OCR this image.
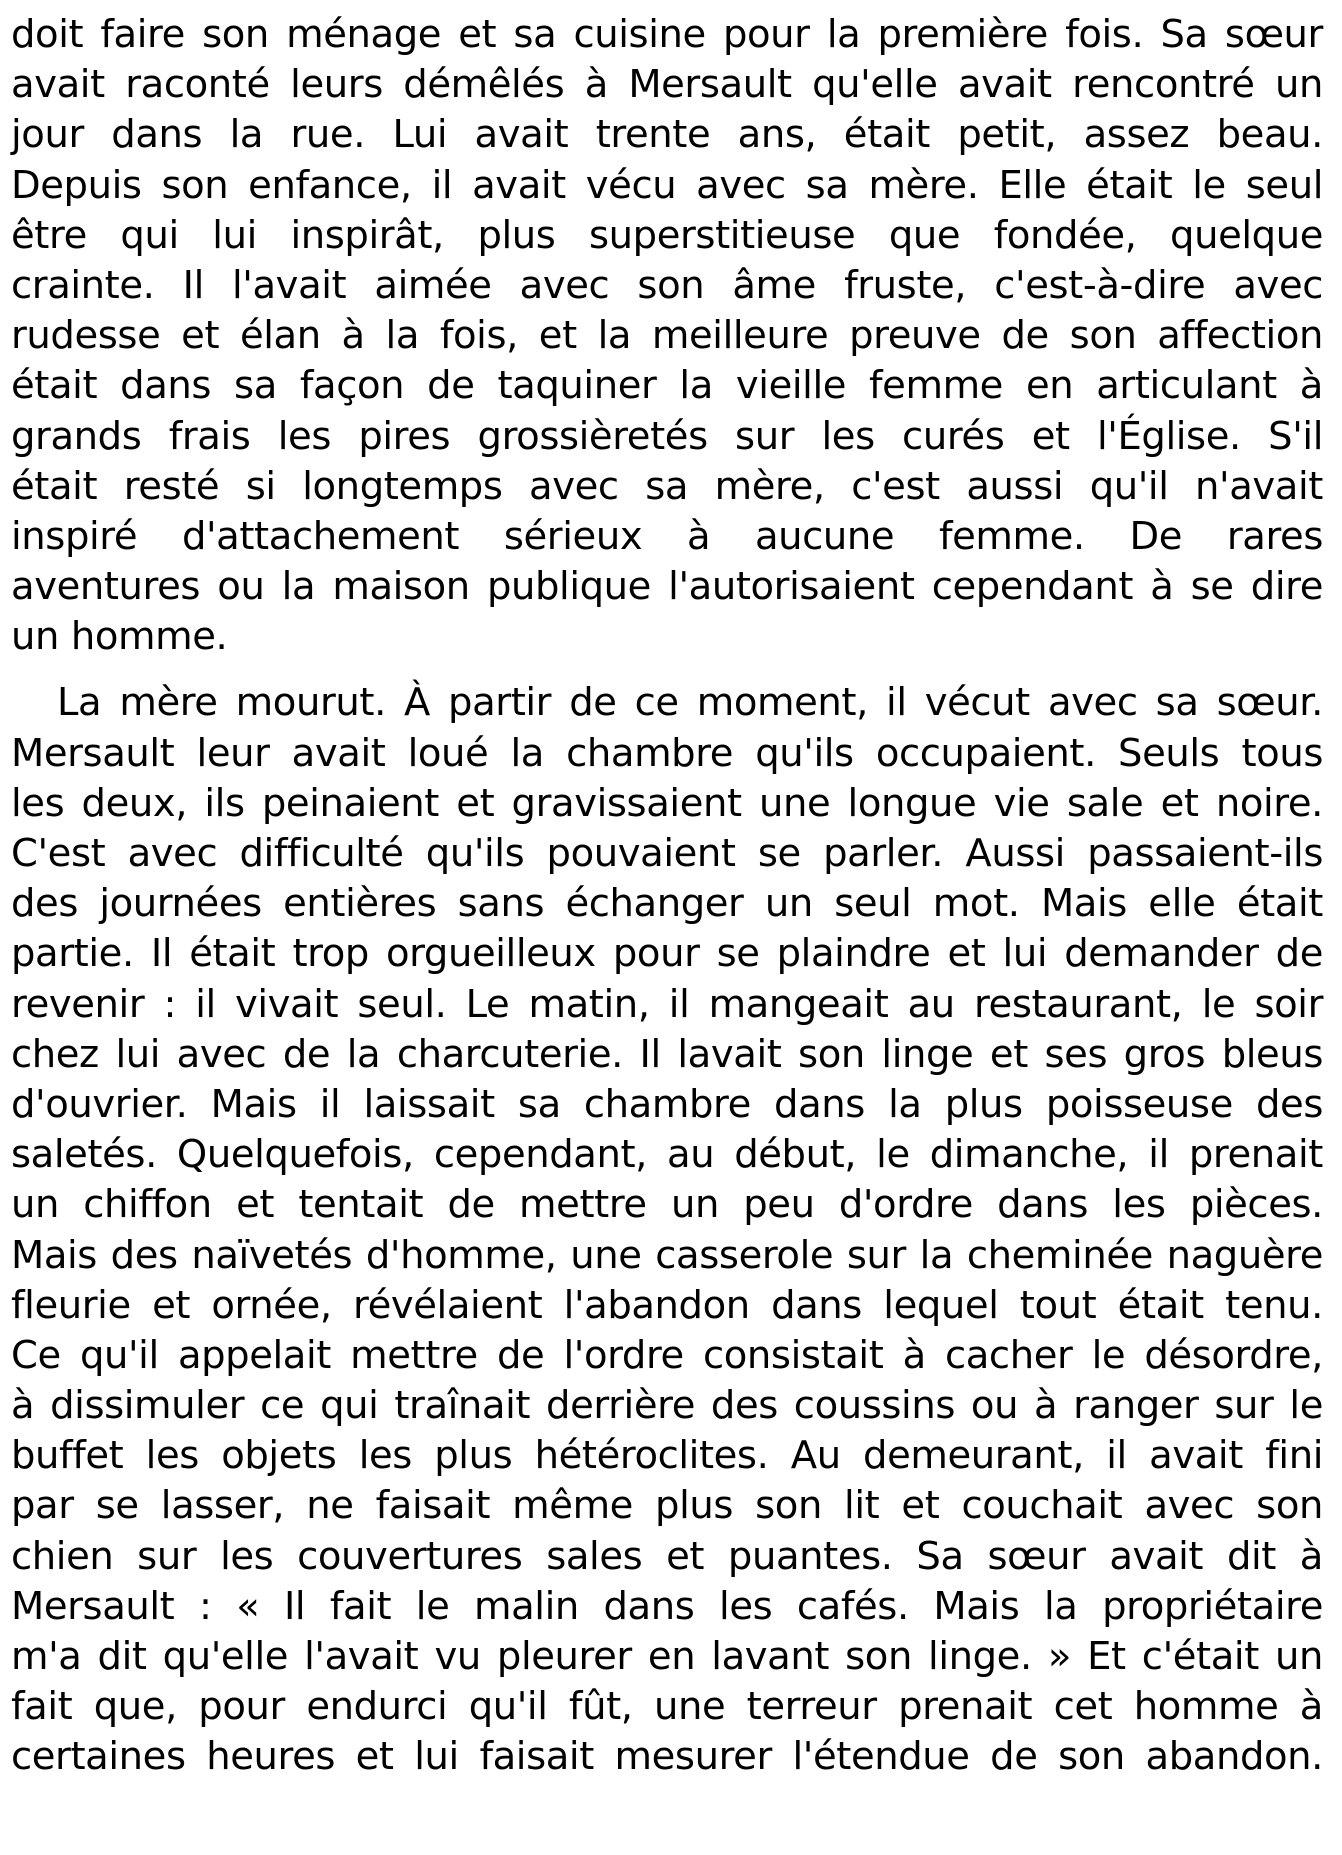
doit faire son ménage et sa cuisine pour la première fois. Sa sœur
avait raconté leurs démêlés à Mersault qu'elle avait rencontré un
jour dans la rue. Lui avait trente ans, était petit, assez beau.
Depuis son enfance, il avait vécu avec sa mère. Elle était le seul
être qui lui inspirât, plus superstitieuse que fondée, quelque
crainte. Il l'avait aimée avec son âme fruste, c'est-à-dire avec
rudesse et élan à la fois, et la meilleure preuve de son affection
était dans sa façon de taquiner la vieille femme en articulant à
grands frais les pires grossièretés sur les curés et l'Église. S'il
était resté si longtemps avec sa mère, c'est aussi qu'il n'avait
inspiré d'attachement sérieux à aucune femme. De rares
aventures ou la maison publique l'autorisaient cependant à se dire
un homme.

La mère mourut. À partir de ce moment, il vécut avec sa sœur.
Mersault leur avait loué la chambre qu'ils occupaient. Seuls tous
les deux, ils peinaient et gravissaient une longue vie sale et noire.
C'est avec difficulté qu'ils pouvaient se parler. Aussi passaient-ils
des journées entières sans échanger un seul mot. Mais elle était
partie. Il était trop orgueilleux pour se plaindre et lui demander de
revenir : il vivait seul. Le matin, il mangeait au restaurant, le soir
chez lui avec de la charcuterie. Il lavait son linge et ses gros bleus
d'ouvrier. Mais il laissait sa chambre dans la plus poisseuse des
saletés. Quelquefois, cependant, au début, le dimanche, il prenait
un chiffon et tentait de mettre un peu d'ordre dans les pièces.
Mais des naïvetés d'homme, une casserole sur la cheminée naguère
fleurie et ornée, révélaient l'abandon dans lequel tout était tenu.
Ce qu'il appelait mettre de l'ordre consistait à cacher le désordre,
à dissimuler ce qui traînait derrière des coussins ou à ranger sur le
buffet les objets les plus hétéroclites. Au demeurant, il avait fini
par se lasser, ne faisait même plus son lit et couchait avec son
chien sur les couvertures sales et puantes. Sa sœur avait dit à
Mersault : « Il fait le malin dans les cafés. Mais la propriétaire
m'a dit qu'elle l'avait vu pleurer en lavant son linge. » Et c'était un
fait que, pour endurci qu'il fût, une terreur prenait cet homme à
certaines heures et lui faisait mesurer l'étendue de son abandon.
